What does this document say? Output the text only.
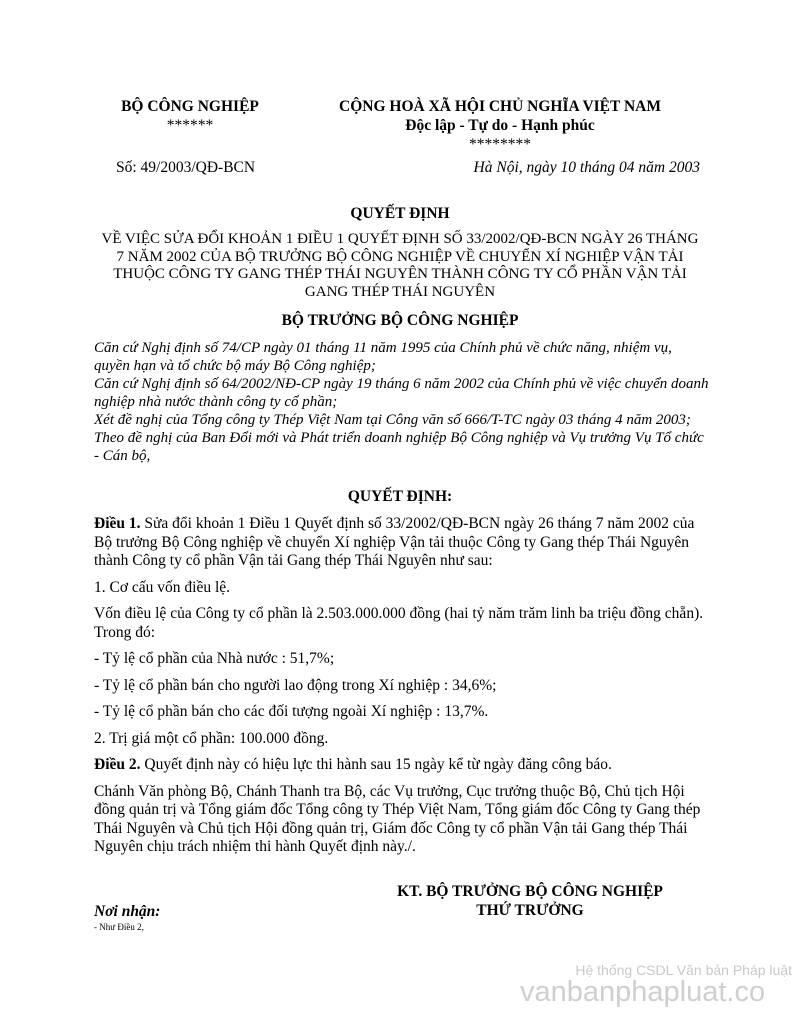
BỘ CÔNG NGHIỆP
******
CỘNG HOÀ XÃ HỘI CHỦ NGHĨA VIỆT NAM
Độc lập - Tự do - Hạnh phúc
********
Số: 49/2003/QĐ-BCN	Hà Nội, ngày 10 tháng 04 năm 2003
QUYẾT ĐỊNH
VỀ VIỆC SỬA ĐỔI KHOẢN 1 ĐIỀU 1 QUYẾT ĐỊNH SỐ 33/2002/QĐ-BCN NGÀY 26 THÁNG 7 NĂM 2002 CỦA BỘ TRƯỞNG BỘ CÔNG NGHIỆP VỀ CHUYỂN XÍ NGHIỆP VẬN TẢI THUỘC CÔNG TY GANG THÉP THÁI NGUYÊN THÀNH CÔNG TY CỔ PHẦN VẬN TẢI GANG THÉP THÁI NGUYÊN
BỘ TRƯỞNG BỘ CÔNG NGHIỆP
Căn cứ Nghị định số 74/CP ngày 01 tháng 11 năm 1995 của Chính phủ về chức năng, nhiệm vụ, quyền hạn và tổ chức bộ máy Bộ Công nghiệp;
Căn cứ Nghị định số 64/2002/NĐ-CP ngày 19 tháng 6 năm 2002 của Chính phủ về việc chuyển doanh nghiệp nhà nước thành công ty cổ phần;
Xét đề nghị của Tổng công ty Thép Việt Nam tại Công văn số 666/T-TC ngày 03 tháng 4 năm 2003;
Theo đề nghị của Ban Đổi mới và Phát triển doanh nghiệp Bộ Công nghiệp và Vụ trưởng Vụ Tổ chức - Cán bộ,
QUYẾT ĐỊNH:
Điều 1. Sửa đổi khoản 1 Điều 1 Quyết định số 33/2002/QĐ-BCN ngày 26 tháng 7 năm 2002 của Bộ trưởng Bộ Công nghiệp về chuyển Xí nghiệp Vận tải thuộc Công ty Gang thép Thái Nguyên thành Công ty cổ phần Vận tải Gang thép Thái Nguyên như sau:
1. Cơ cấu vốn điều lệ.
Vốn điều lệ của Công ty cổ phần là 2.503.000.000 đồng (hai tỷ năm trăm linh ba triệu đồng chẵn). Trong đó:
- Tỷ lệ cổ phần của Nhà nước : 51,7%;
- Tỷ lệ cổ phần bán cho người lao động trong Xí nghiệp : 34,6%;
- Tỷ lệ cổ phần bán cho các đối tượng ngoài Xí nghiệp : 13,7%.
2. Trị giá một cổ phần: 100.000 đồng.
Điều 2. Quyết định này có hiệu lực thi hành sau 15 ngày kể từ ngày đăng công báo.
Chánh Văn phòng Bộ, Chánh Thanh tra Bộ, các Vụ trưởng, Cục trưởng thuộc Bộ, Chủ tịch Hội đồng quản trị và Tổng giám đốc Tổng công ty Thép Việt Nam, Tổng giám đốc Công ty Gang thép Thái Nguyên và Chủ tịch Hội đồng quản trị, Giám đốc Công ty cổ phần Vận tải Gang thép Thái Nguyên chịu trách nhiệm thi hành Quyết định này./.
KT. BỘ TRƯỞNG BỘ CÔNG NGHIỆP
THỨ TRƯỞNG
Nơi nhận:
- Như Điều 2,
Hệ thống CSDL Văn bản Pháp luật
vanbanphapluat.co
